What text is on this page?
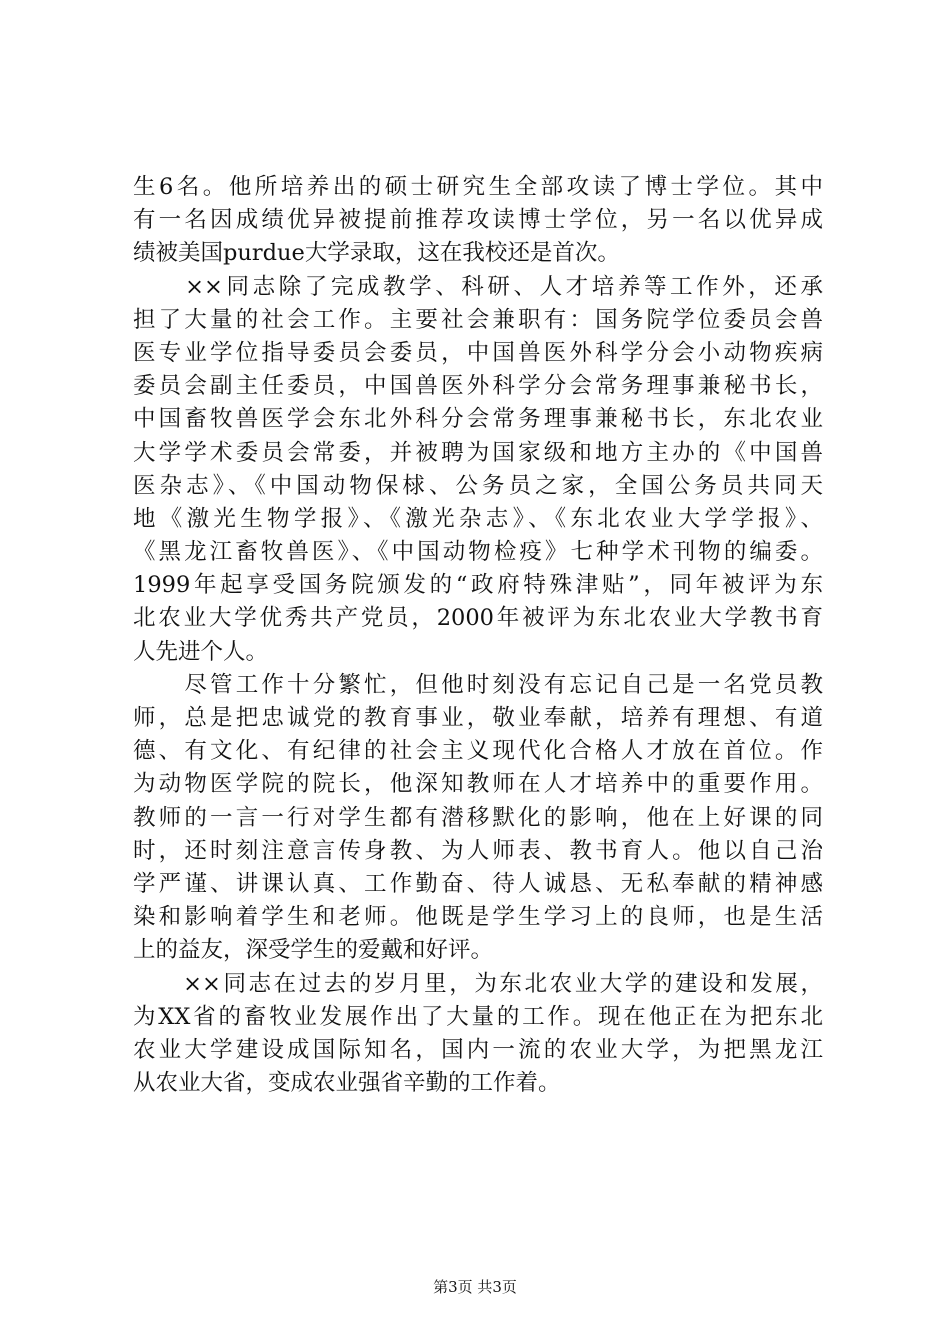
生6名。他所培养出的硕士研究生全部攻读了博士学位。其中
有一名因成绩优异被提前推荐攻读博士学位，另一名以优异成
绩被美国purdue大学录取，这在我校还是首次。
　　××同志除了完成教学、科研、人才培养等工作外，还承
担了大量的社会工作。主要社会兼职有：国务院学位委员会兽
医专业学位指导委员会委员，中国兽医外科学分会小动物疾病
委员会副主任委员，中国兽医外科学分会常务理事兼秘书长，
中国畜牧兽医学会东北外科分会常务理事兼秘书长，东北农业
大学学术委员会常委，并被聘为国家级和地方主办的《中国兽
医杂志》、《中国动物保梂、公务员之家，全国公务员共同天
地《激光生物学报》、《激光杂志》、《东北农业大学学报》、
《黑龙江畜牧兽医》、《中国动物检疫》七种学术刊物的编委。
1999年起享受国务院颁发的“政府特殊津贴”，同年被评为东
北农业大学优秀共产党员，2000年被评为东北农业大学教书育
人先进个人。
　　尽管工作十分繁忙，但他时刻没有忘记自己是一名党员教
师，总是把忠诚党的教育事业，敬业奉献，培养有理想、有道
德、有文化、有纪律的社会主义现代化合格人才放在首位。作
为动物医学院的院长，他深知教师在人才培养中的重要作用。
教师的一言一行对学生都有潜移默化的影响，他在上好课的同
时，还时刻注意言传身教、为人师表、教书育人。他以自己治
学严谨、讲课认真、工作勤奋、待人诚恳、无私奉献的精神感
染和影响着学生和老师。他既是学生学习上的良师，也是生活
上的益友，深受学生的爱戴和好评。
　　××同志在过去的岁月里，为东北农业大学的建设和发展，
为XX省的畜牧业发展作出了大量的工作。现在他正在为把东北
农业大学建设成国际知名，国内一流的农业大学，为把黑龙江
从农业大省，变成农业强省辛勤的工作着。
第3页 共3页
